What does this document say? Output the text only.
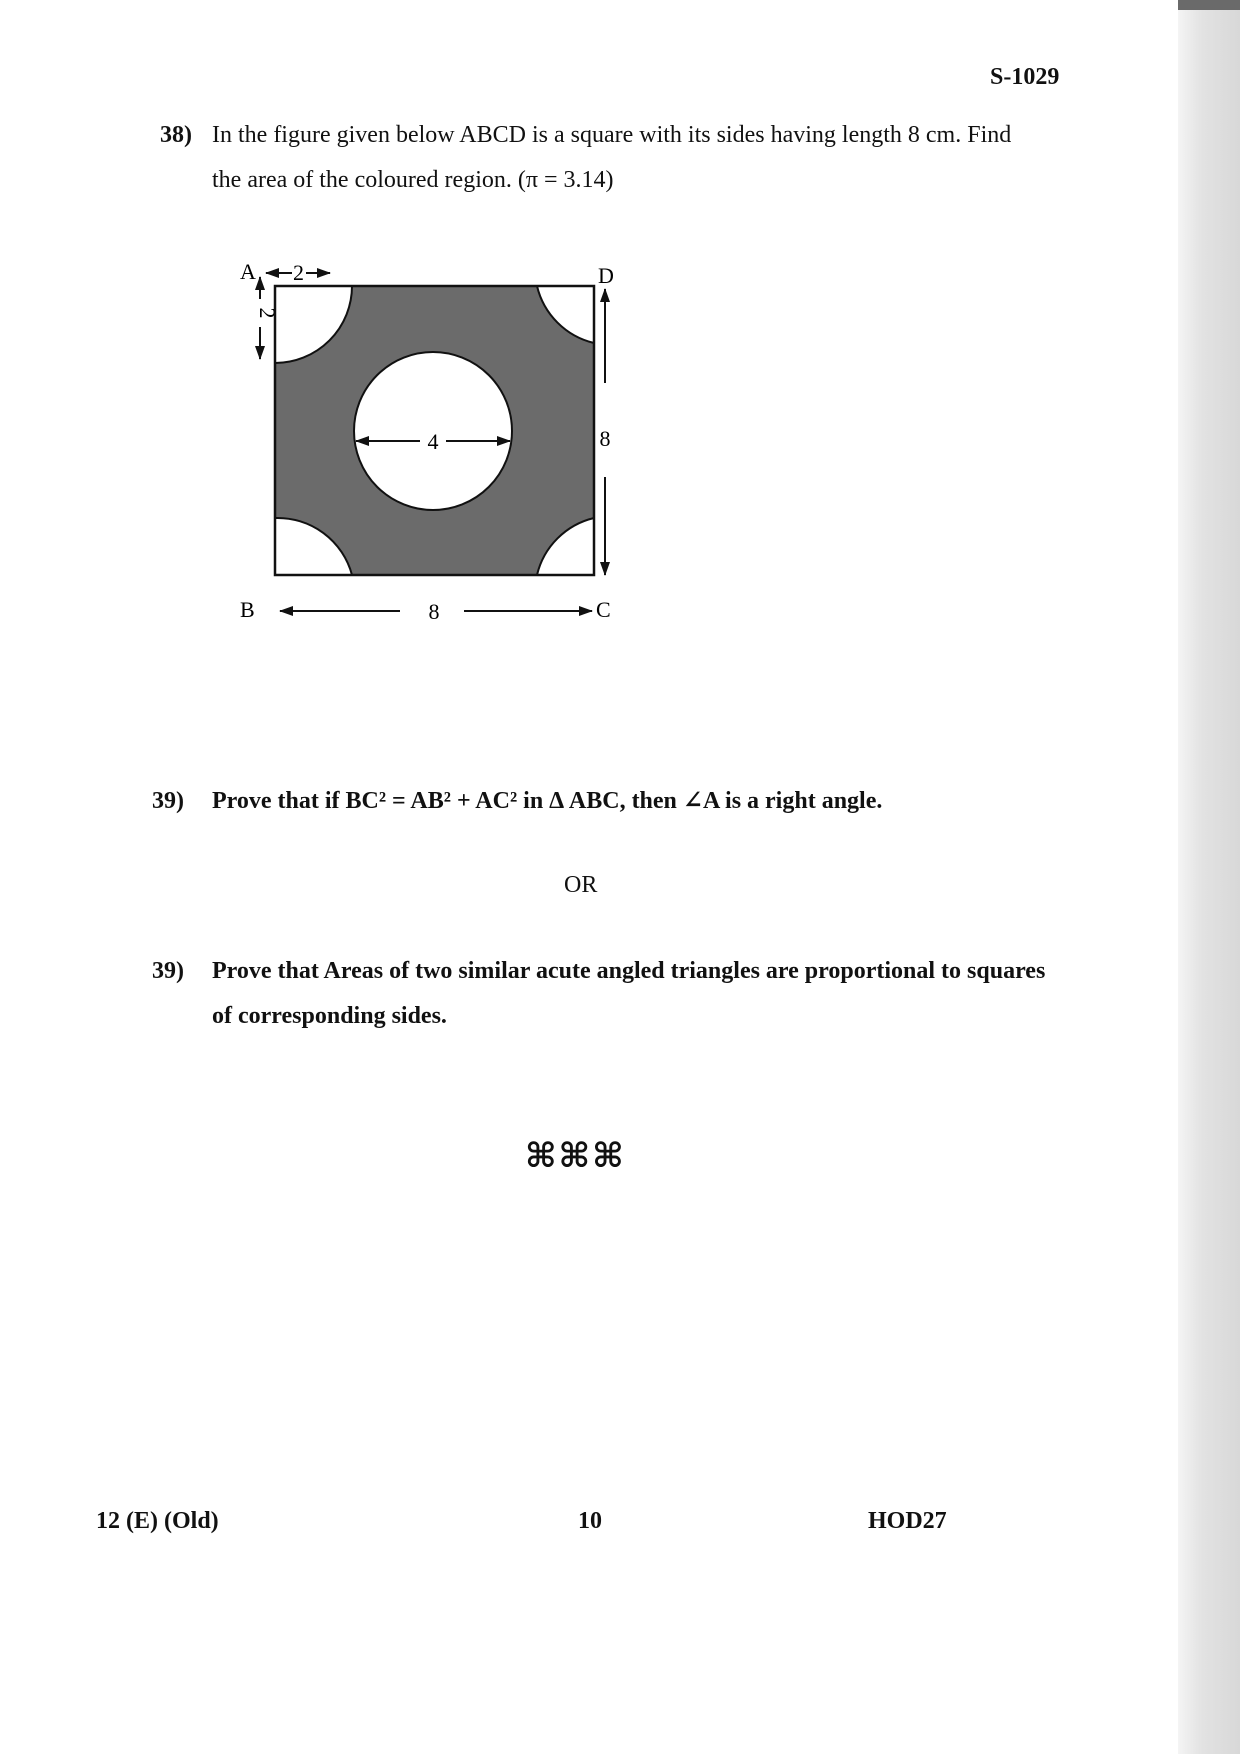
S-1029
38) In the figure given below ABCD is a square with its sides having length 8 cm. Find
the area of the coloured region. (π = 3.14)
A	D
B	C
2
2
4	8
8
39) Prove that if BC² = AB² + AC² in Δ ABC, then ∠A is a right angle.
OR
39) Prove that Areas of two similar acute angled triangles are proportional to squares
of corresponding sides.
⌘⌘⌘
12 (E) (Old)	10	HOD27
